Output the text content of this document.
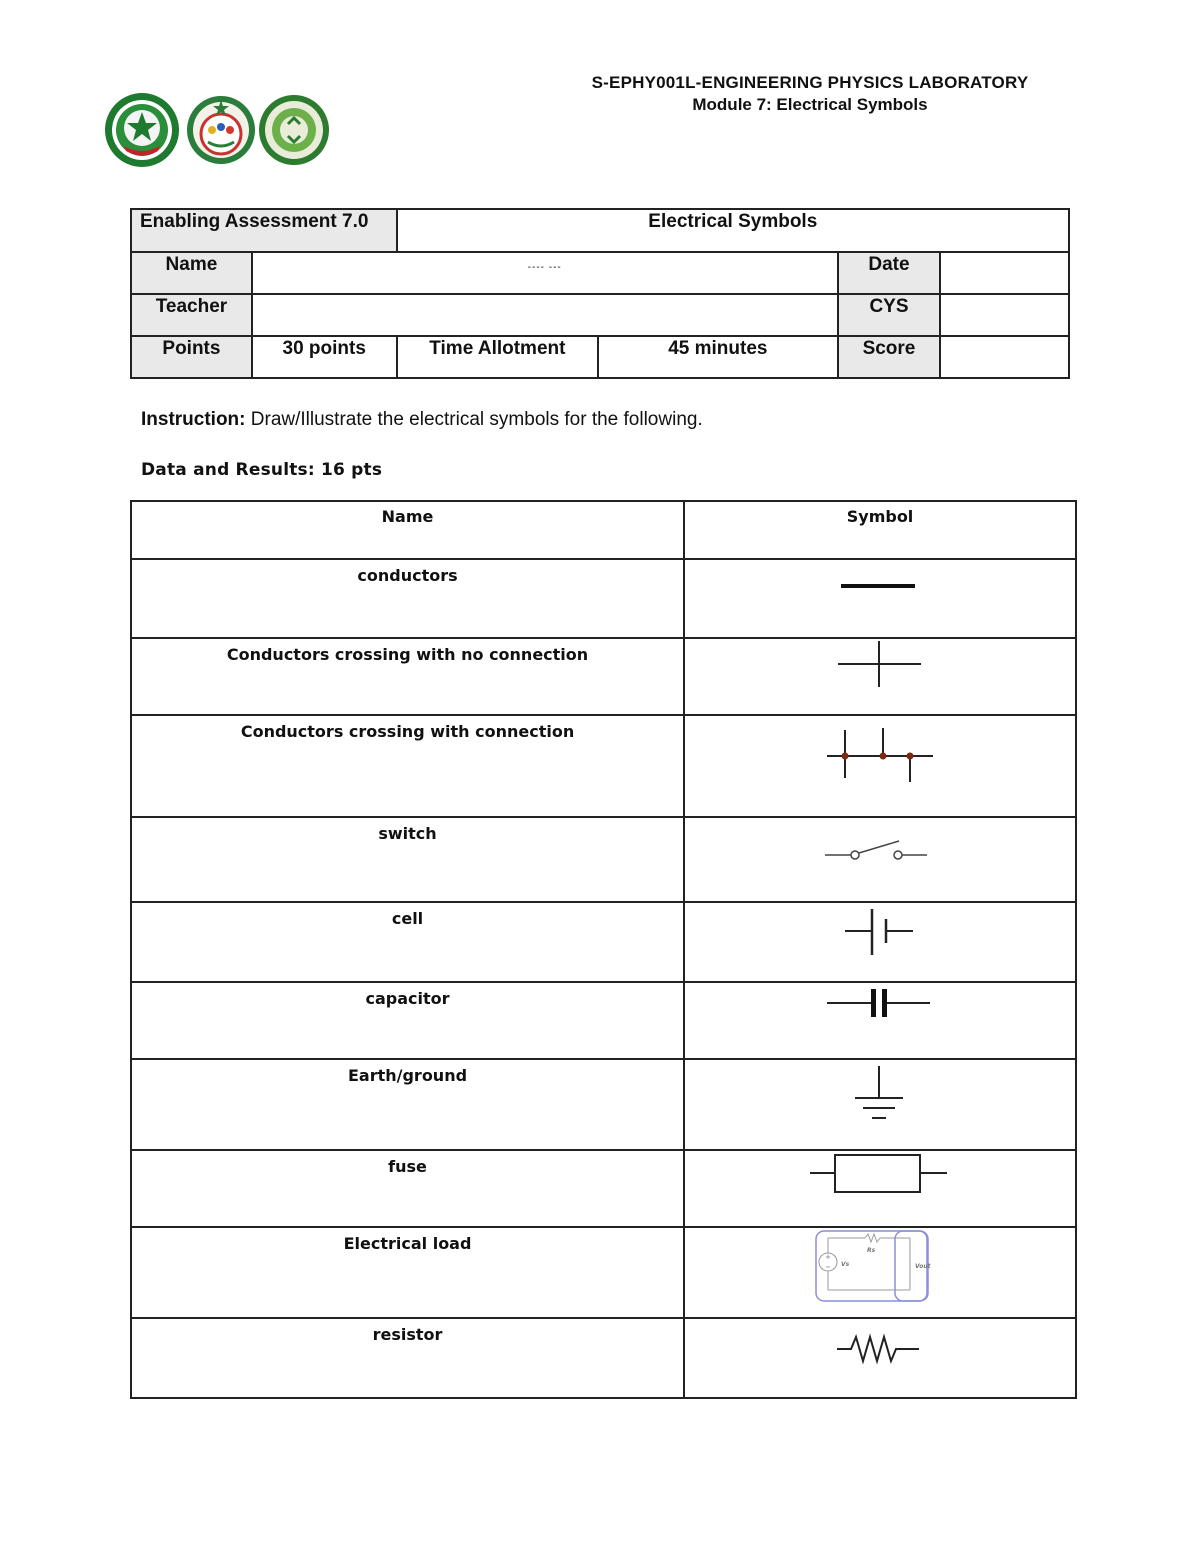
S-EPHY001L-ENGINEERING PHYSICS LABORATORY
Module 7: Electrical Symbols
Enabling Assessment 7.0		Electrical Symbols			
Name	---- ---			Date	
Teacher				CYS	
Points	30 points	Time Allotment	45 minutes	Score	
Instruction: Draw/Illustrate the electrical symbols for the following.
Data and Results: 16 pts
Name	Symbol
conductors	

Conductors crossing with no connection	

Conductors crossing with connection	

switch	

cell	

capacitor	

Earth/ground	

fuse	

Electrical load	+
− Vs
Rs
Vout

resistor	
